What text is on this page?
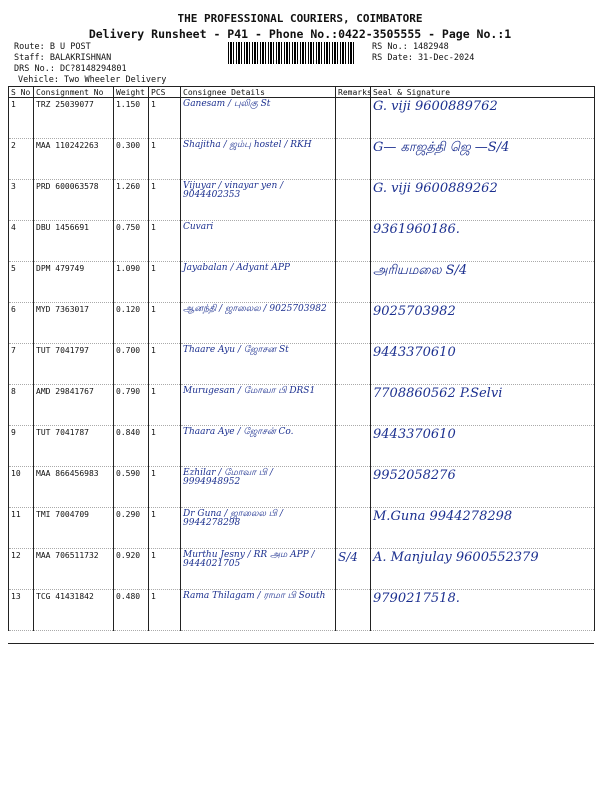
THE PROFESSIONAL COURIERS, COIMBATORE
Delivery Runsheet - P41 - Phone No.:0422-3505555 - Page No.:1
Route: B U POST
Staff: BALAKRISHNAN
DRS No.: DC?8148294801
Vehicle: Two Wheeler Delivery
RS No.: 1482948
RS Date: 31-Dec-2024
S No	Consignment No	Weight	PCS	Consignee Details	Remarks	Seal & Signature
1	TRZ 25039077	1.150	1	Ganesam / புலிகு St		G. viji 9600889762

2	MAA 110242263	0.300	1	Shajitha / ஜம்பு hostel / RKH		G— காஜத்தி ஜெ —S/4

3	PRD 600063578	1.260	1	Vijuyar / vinayar yen / 9044402353		G. viji 9600889262

4	DBU 1456691	0.750	1	Cuvari		9361960186.

5	DPM 479749	1.090	1	Jayabalan / Adyant APP		அரியமலை S/4

6	MYD 7363017	0.120	1	ஆனந்தி / ஜாலைல / 9025703982		9025703982

7	TUT 7041797	0.700	1	Thaare Ayu / ஜோசன St		9443370610

8	AMD 29841767	0.790	1	Murugesan / மோவா பி DRS1		7708860562 P.Selvi

9	TUT 7041787	0.840	1	Thaara Aye / ஜோசன் Co.		9443370610

10	MAA 866456983	0.590	1	Ezhilar / மோவா பி / 9994948952		9952058276

11	TMI 7004709	0.290	1	Dr Guna / ஜாலைல பி / 9944278298		M.Guna 9944278298

12	MAA 706511732	0.920	1	Murthu Jesny / RR அம APP / 9444021705	S/4	A. Manjulay 9600552379

13	TCG 41431842	0.480	1	Rama Thilagam / ராமா பி South		9790217518.
